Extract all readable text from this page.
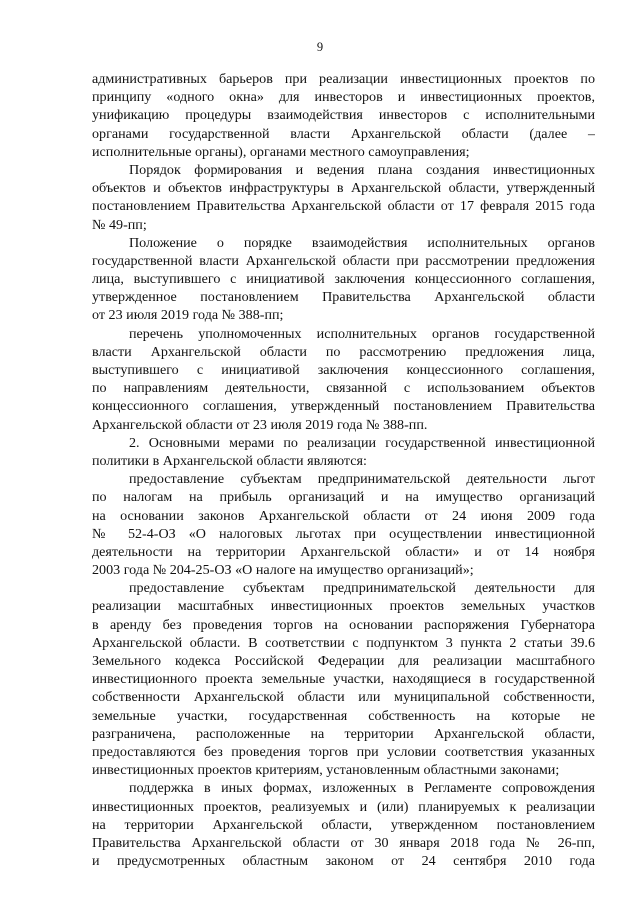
9
административных барьеров при реализации инвестиционных проектов по
принципу «одного окна» для инвесторов и инвестиционных проектов,
унификацию процедуры взаимодействия инвесторов с исполнительными
органами государственной власти Архангельской области (далее –
исполнительные органы), органами местного самоуправления;
Порядок формирования и ведения плана создания инвестиционных
объектов и объектов инфраструктуры в Архангельской области, утвержденный
постановлением Правительства Архангельской области от 17 февраля 2015 года
№ 49-пп;
Положение о порядке взаимодействия исполнительных органов
государственной власти Архангельской области при рассмотрении предложения
лица, выступившего с инициативой заключения концессионного соглашения,
утвержденное постановлением Правительства Архангельской области
от 23 июля 2019 года № 388-пп;
перечень уполномоченных исполнительных органов государственной
власти Архангельской области по рассмотрению предложения лица,
выступившего с инициативой заключения концессионного соглашения,
по направлениям деятельности, связанной с использованием объектов
концессионного соглашения, утвержденный постановлением Правительства
Архангельской области от 23 июля 2019 года № 388-пп.
2. Основными мерами по реализации государственной инвестиционной
политики в Архангельской области являются:
предоставление субъектам предпринимательской деятельности льгот
по налогам на прибыль организаций и на имущество организаций
на основании законов Архангельской области от 24 июня 2009 года
№ 52-4-ОЗ «О налоговых льготах при осуществлении инвестиционной
деятельности на территории Архангельской области» и от 14 ноября
2003 года № 204-25-ОЗ «О налоге на имущество организаций»;
предоставление субъектам предпринимательской деятельности для
реализации масштабных инвестиционных проектов земельных участков
в аренду без проведения торгов на основании распоряжения Губернатора
Архангельской области. В соответствии с подпунктом 3 пункта 2 статьи 39.6
Земельного кодекса Российской Федерации для реализации масштабного
инвестиционного проекта земельные участки, находящиеся в государственной
собственности Архангельской области или муниципальной собственности,
земельные участки, государственная собственность на которые не
разграничена, расположенные на территории Архангельской области,
предоставляются без проведения торгов при условии соответствия указанных
инвестиционных проектов критериям, установленным областными законами;
поддержка в иных формах, изложенных в Регламенте сопровождения
инвестиционных проектов, реализуемых и (или) планируемых к реализации
на территории Архангельской области, утвержденном постановлением
Правительства Архангельской области от 30 января 2018 года № 26-пп,
и предусмотренных областным законом от 24 сентября 2010 года
